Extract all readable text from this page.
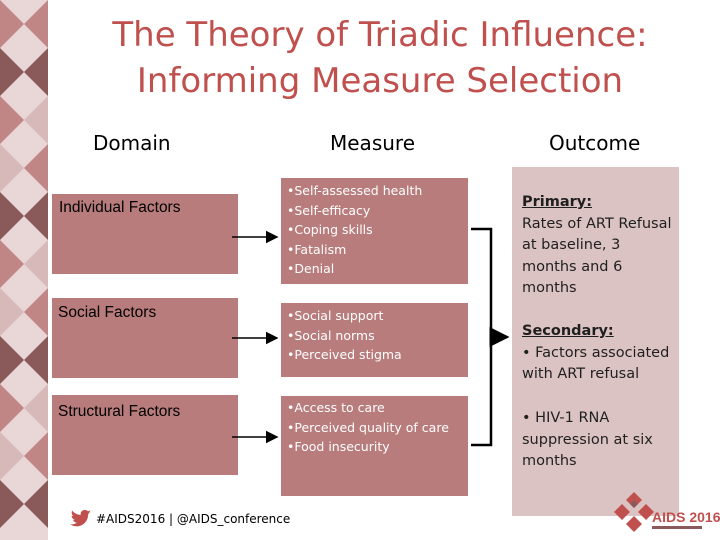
The Theory of Triadic Influence: Informing Measure Selection
Domain	Measure	Outcome
Individual Factors
Social Factors
Structural Factors
• Self-assessed health
• Self-efficacy
• Coping skills
• Fatalism
• Denial
• Social support
• Social norms
• Perceived stigma
• Access to care
• Perceived quality of care
• Food insecurity
Primary:
Rates of ART Refusal at baseline, 3 months and 6 months
Secondary:
• Factors associated with ART refusal
• HIV-1 RNA suppression at six months
#AIDS2016 | @AIDS_conference	AIDS 2016
